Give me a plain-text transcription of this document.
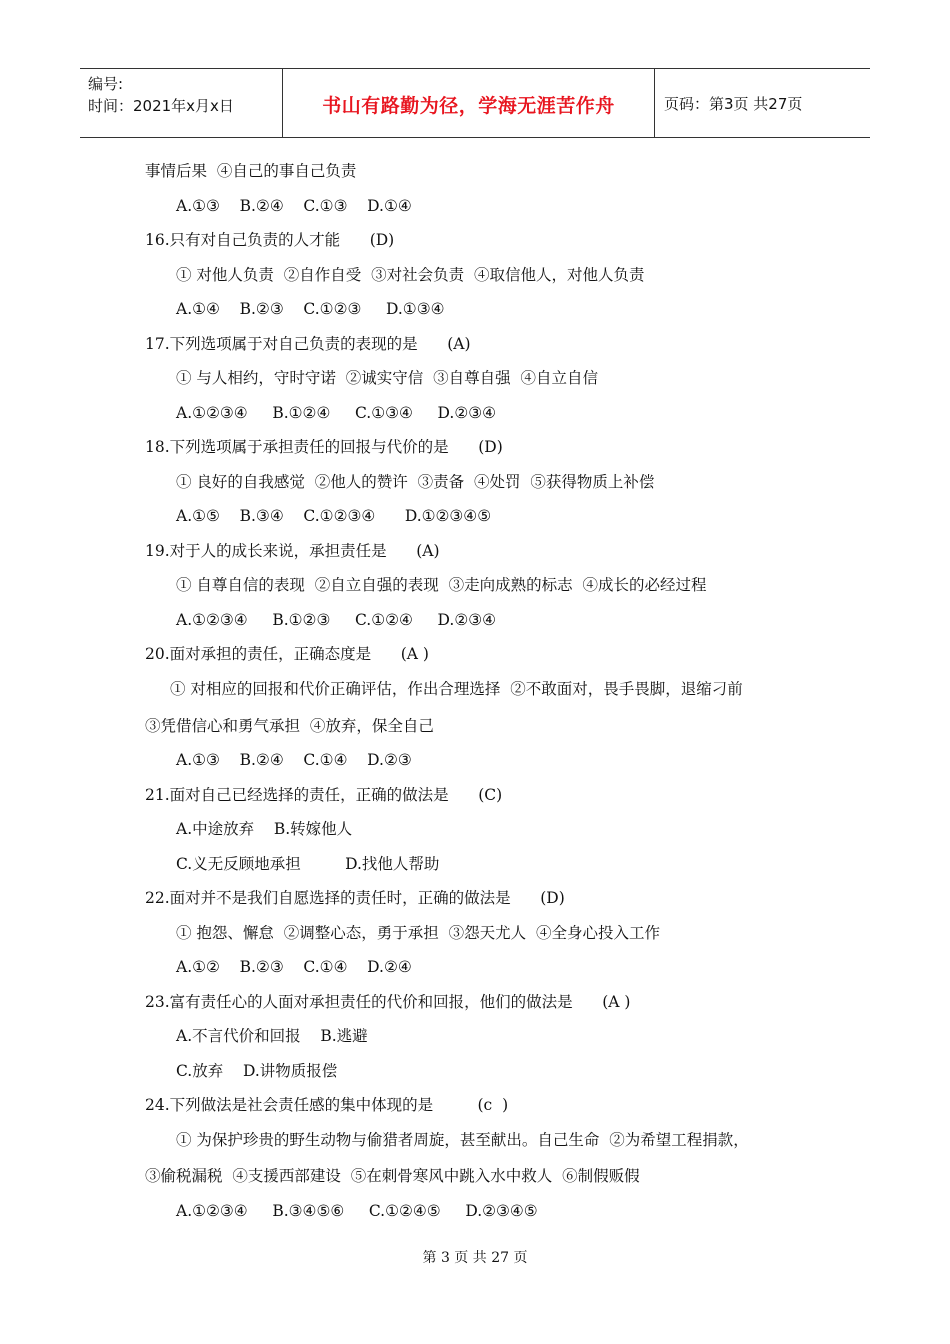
编号:
时间：2021年x月x日	书山有路勤为径，学海无涯苦作舟	页码：第3页 共27页
事情后果  ④自己的事自己负责
A.①③    B.②④    C.①③    D.①④
16.只有对自己负责的人才能      (D)
① 对他人负责  ②自作自受  ③对社会负责  ④取信他人，对他人负责
A.①④    B.②③    C.①②③     D.①③④
17.下列选项属于对自己负责的表现的是      (A)
① 与人相约，守时守诺  ②诚实守信  ③自尊自强  ④自立自信
A.①②③④     B.①②④     C.①③④     D.②③④
18.下列选项属于承担责任的回报与代价的是      (D)
① 良好的自我感觉  ②他人的赞许  ③责备  ④处罚  ⑤获得物质上补偿
A.①⑤    B.③④    C.①②③④      D.①②③④⑤
19.对于人的成长来说，承担责任是      (A)
① 自尊自信的表现  ②自立自强的表现  ③走向成熟的标志  ④成长的必经过程
A.①②③④     B.①②③     C.①②④     D.②③④
20.面对承担的责任，正确态度是      (A )
① 对相应的回报和代价正确评估，作出合理选择  ②不敢面对，畏手畏脚，退缩刁前
③凭借信心和勇气承担  ④放弃，保全自己
A.①③    B.②④    C.①④    D.②③
21.面对自己已经选择的责任，正确的做法是      (C)
A.中途放弃    B.转嫁他人
C.义无反顾地承担         D.找他人帮助
22.面对并不是我们自愿选择的责任时，正确的做法是      (D)
① 抱怨、懈怠  ②调整心态，勇于承担  ③怨天尤人  ④全身心投入工作
A.①②    B.②③    C.①④    D.②④
23.富有责任心的人面对承担责任的代价和回报，他们的做法是      (A )
A.不言代价和回报    B.逃避
C.放弃    D.讲物质报偿
24.下列做法是社会责任感的集中体现的是         (c  )
① 为保护珍贵的野生动物与偷猎者周旋，甚至献出。自己生命  ②为希望工程捐款，
③偷税漏税  ④支援西部建设  ⑤在刺骨寒风中跳入水中救人  ⑥制假贩假
A.①②③④     B.③④⑤⑥     C.①②④⑤     D.②③④⑤
第 3 页 共 27 页
